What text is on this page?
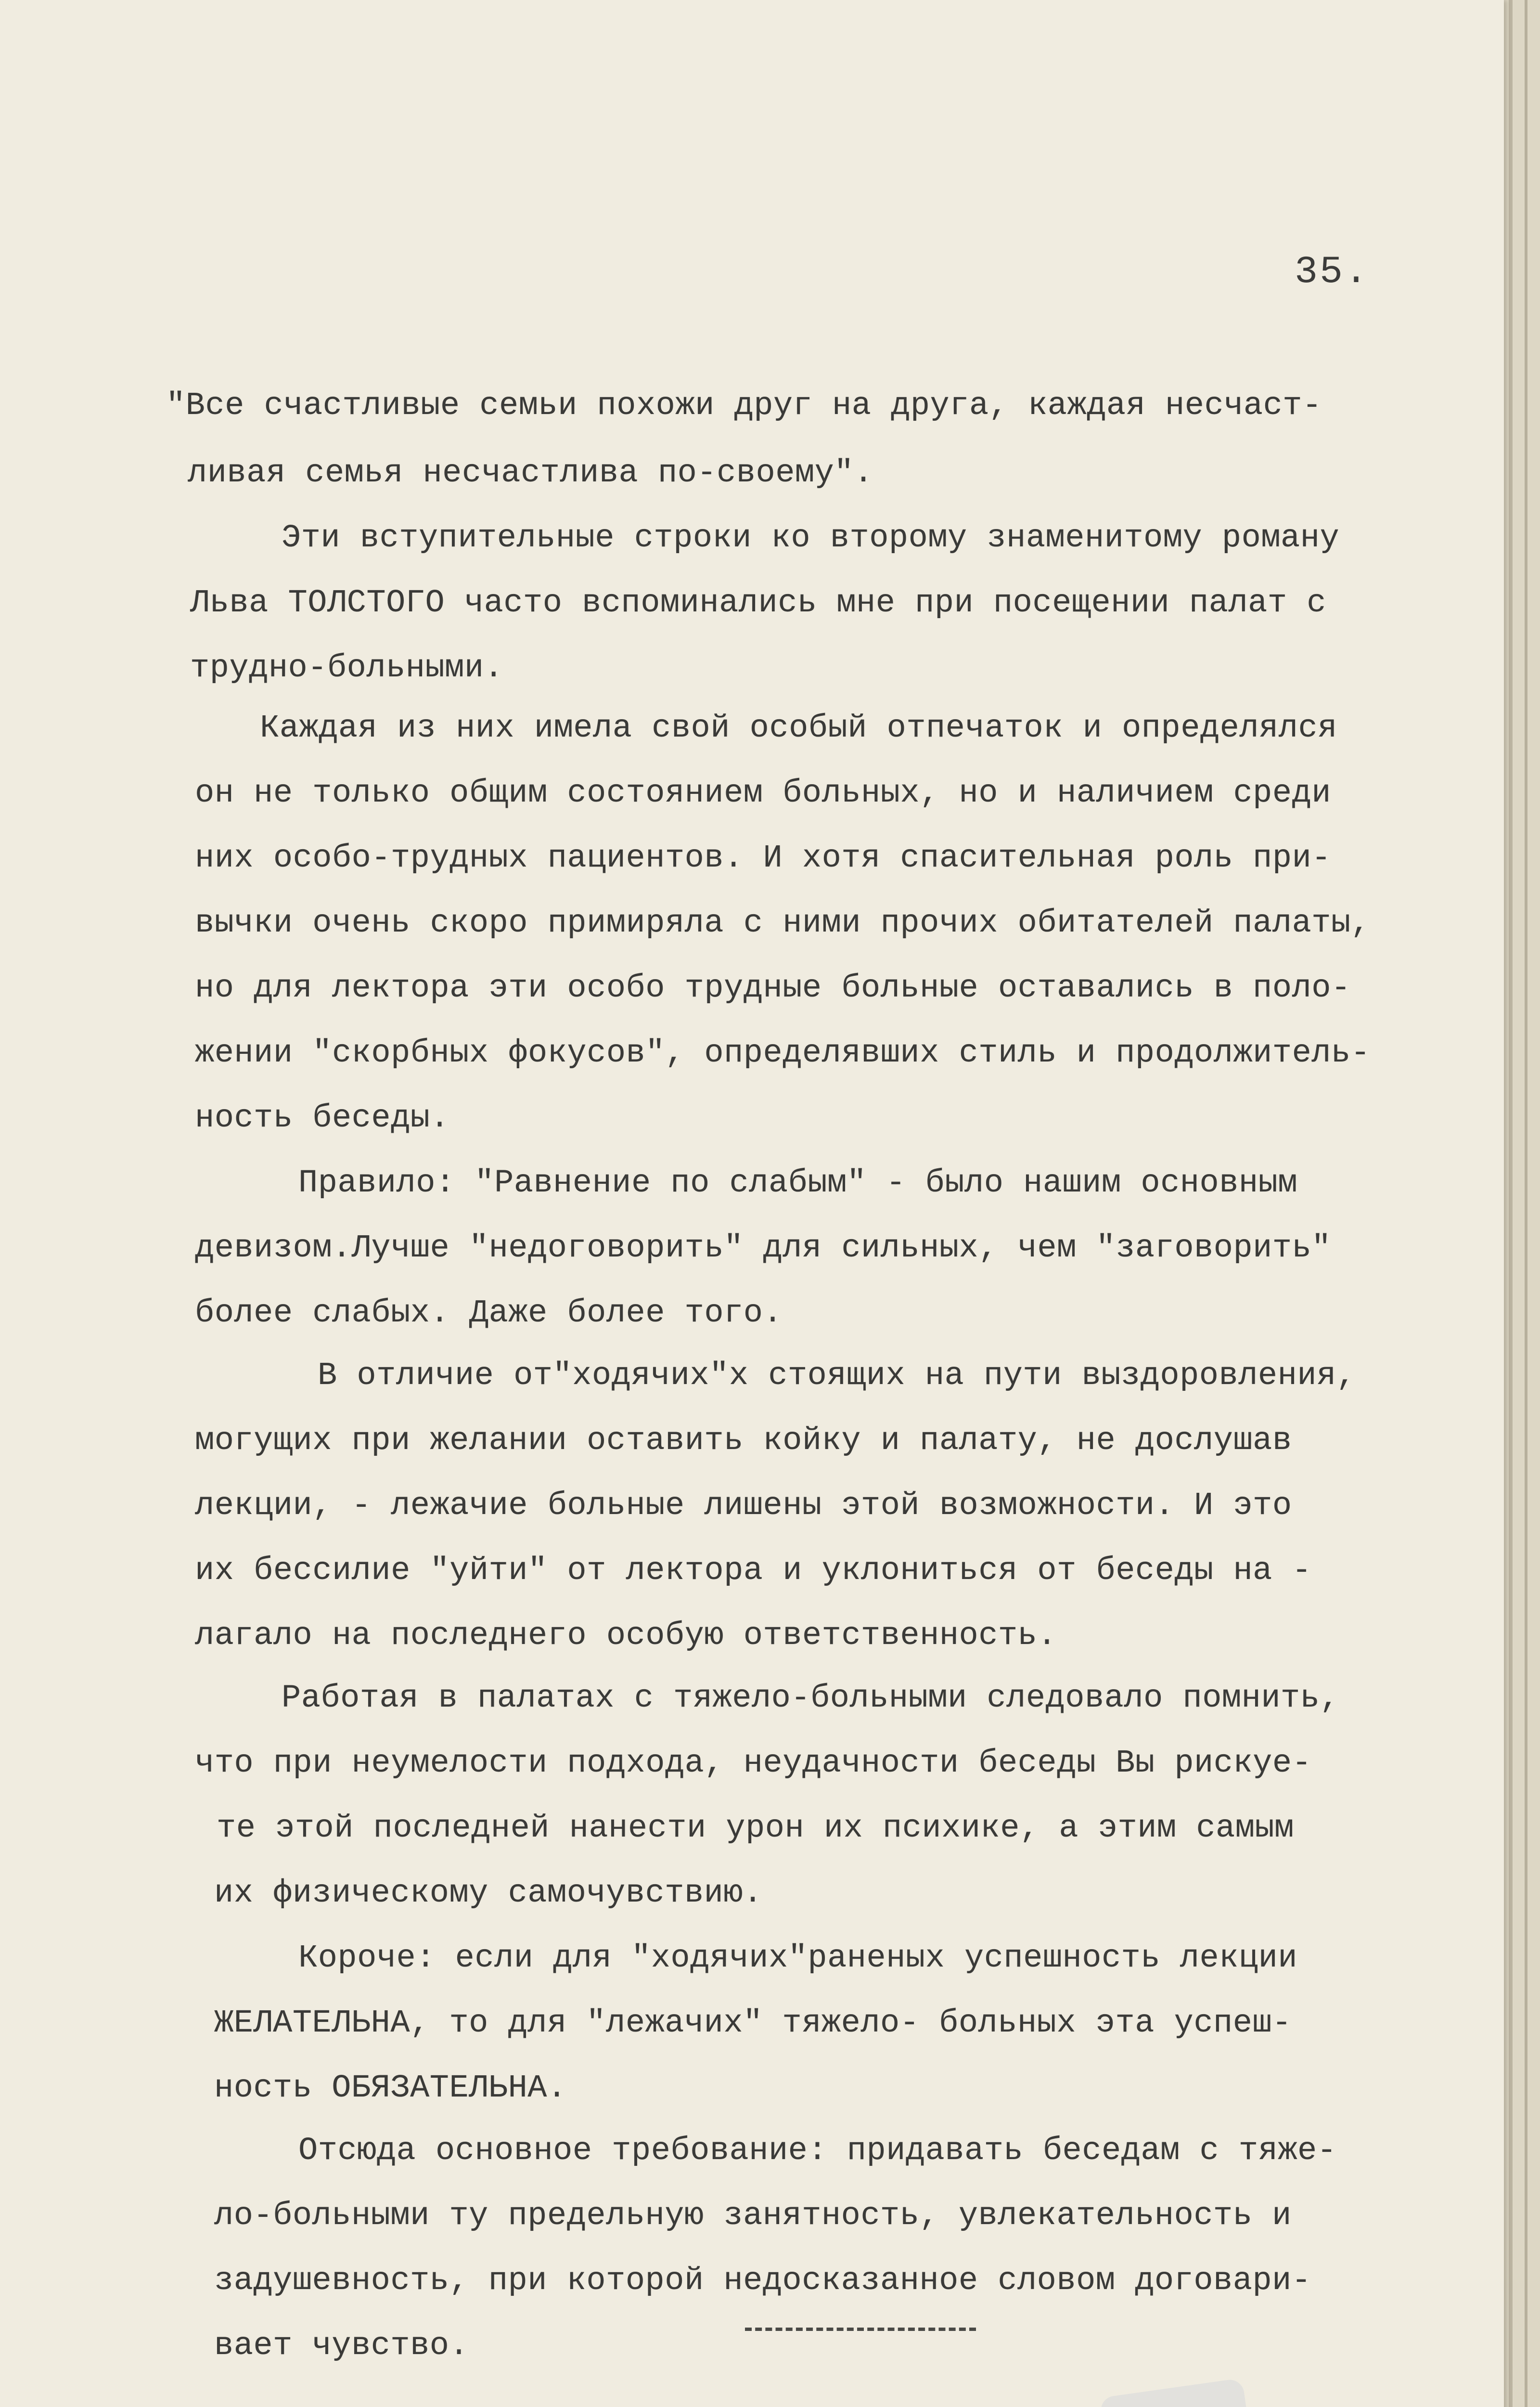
35.
"Все счастливые семьи похожи друг на друга, каждая несчаст-
ливая семья несчастлива по-своему".
Эти вступительные строки ко второму знаменитому роману
Льва ТОЛСТОГО часто вспоминались мне при посещении палат с
трудно-больными.
Каждая из них имела свой особый отпечаток и определялся
он не только общим состоянием больных, но и наличием среди
них особо-трудных пациентов. И хотя спасительная роль при-
вычки очень скоро примиряла с ними прочих обитателей палаты,
но для лектора эти особо трудные больные оставались в поло-
жении "скорбных фокусов", определявших стиль и продолжитель-
ность беседы.
Правило: "Равнение по слабым" - было нашим основным
девизом.Лучше "недоговорить" для сильных, чем "заговорить"
более слабых. Даже более того.
В отличие от"ходячих"х стоящих на пути выздоровления,
могущих при желании оставить койку и палату, не дослушав
лекции, - лежачие больные лишены этой возможности. И это
их бессилие "уйти" от лектора и уклониться от беседы на -
лагало на последнего особую ответственность.
Работая в палатах с тяжело-больными следовало помнить,
что при неумелости подхода, неудачности беседы Вы рискуе-
те этой последней нанести урон их психике, а этим самым
их физическому самочувствию.
Короче: если для "ходячих"раненых успешность лекции
ЖЕЛАТЕЛЬНА, то для "лежачих" тяжело- больных эта успеш-
ность ОБЯЗАТЕЛЬНА.
Отсюда основное требование: придавать беседам с тяже-
ло-больными ту предельную занятность, увлекательность и
задушевность, при которой недосказанное словом договари-
вает чувство.
